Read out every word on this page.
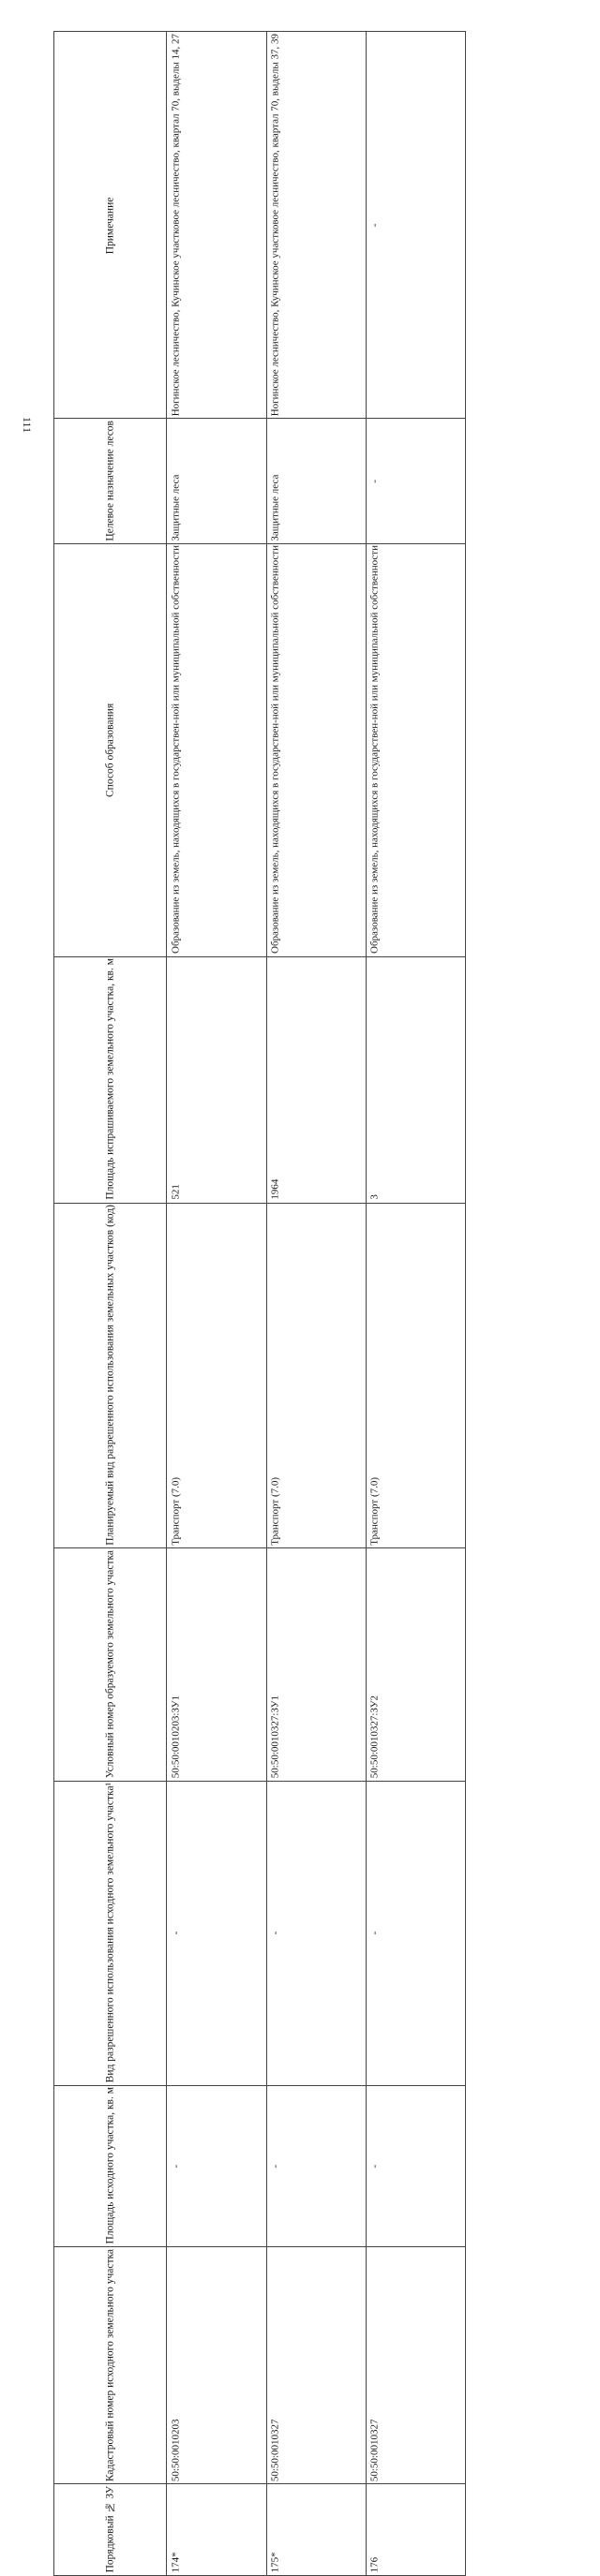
111
Примечание	Ногинское лесничество, Кучинское участковое лесничество, квартал 70, выделы 14, 27	Ногинское лесничество, Кучинское участковое лесничество, квартал 70, выделы 37, 39	-
Целевое назначение лесов	Защитные леса	Защитные леса	-
Способ образования	Образование из земель, находящихся в государствен-ной или муниципальной собственности	Образование из земель, находящихся в государствен-ной или муниципальной собственности	Образование из земель, находящихся в государствен-ной или муниципальной собственности
Площадь испрашиваемого земельного участка, кв. м	521	1964	3
Планируемый вид разрешенного использования земельных участков (код)	Транспорт (7.0)	Транспорт (7.0)	Транспорт (7.0)
Условный номер образуемого земельного участка	50:50:0010203:ЗУ1	50:50:0010327:ЗУ1	50:50:0010327:ЗУ2
Вид разрешенного использования исходного земельного участка¹	-	-	-
Площадь исходного участка, кв. м	-	-	-
Кадастровый номер исходного земельного участка	50:50:0010203	50:50:0010327	50:50:0010327
Порядковый № ЗУ	174*	175*	176
